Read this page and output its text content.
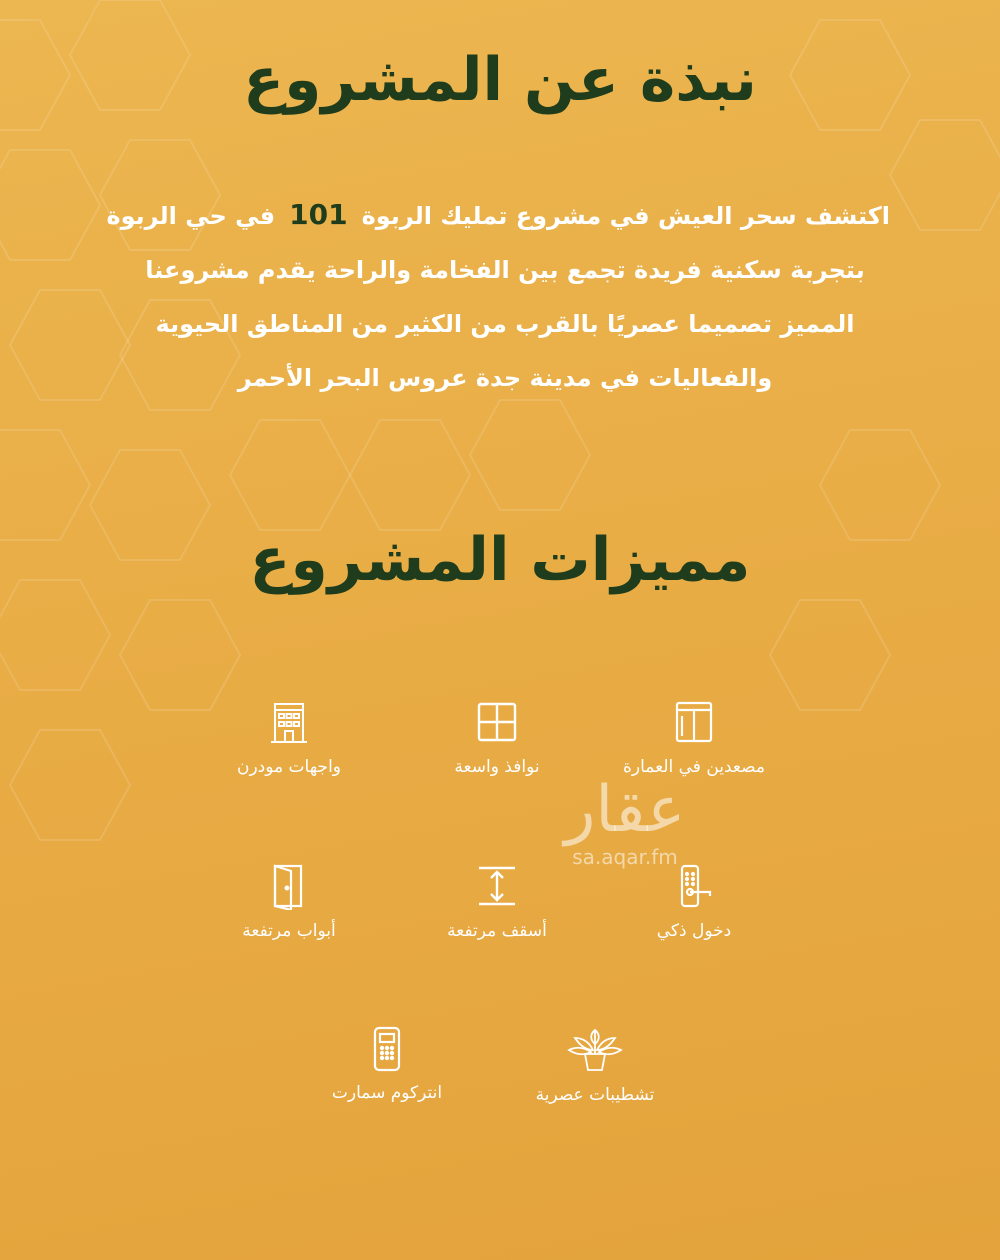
نبذة عن المشروع
اكتشف سحر العيش في مشروع تمليك الربوة101في حي الربوة
بتجربة سكنية فريدة تجمع بين الفخامة والراحة يقدم مشروعنا
المميز تصميما عصريًا بالقرب من الكثير من المناطق الحيوية
والفعاليات في مدينة جدة عروس البحر الأحمر
مميزات المشروع
مصعدين في العمارة
نوافذ واسعة
واجهات مودرن
دخول ذكي
أسقف مرتفعة
أبواب مرتفعة
تشطيبات عصرية
انتركوم سمارت
عقار
sa.aqar.fm
